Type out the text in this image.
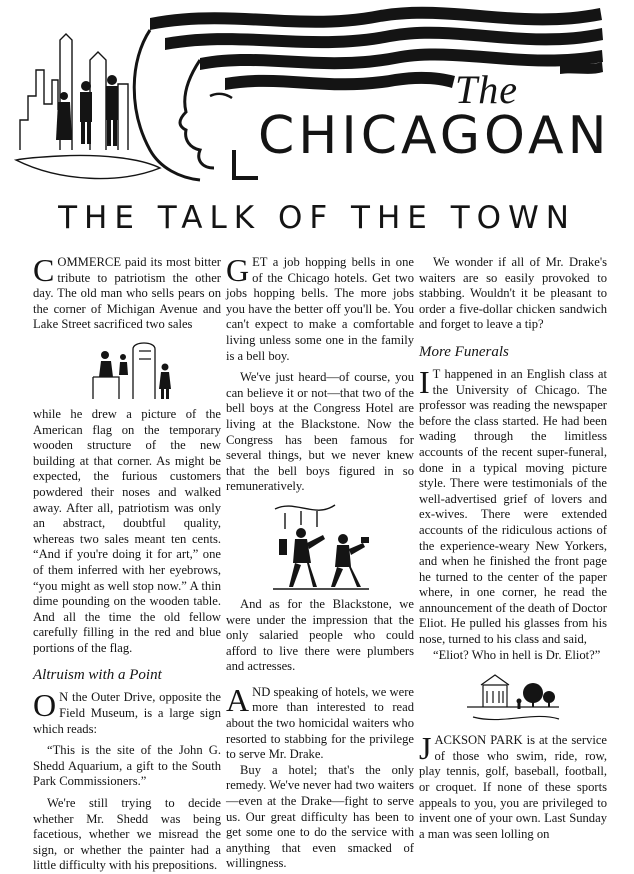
The
CHICAGOAN
THE TALK OF THE TOWN

COMMERCE paid its most bitter tribute to patriotism the other day. The old man who sells pears on the corner of Michigan Avenue and Lake Street sacrificed two sales

while he drew a picture of the American flag on the temporary wooden structure of the new building at that corner. As might be expected, the furious customers powdered their noses and walked away. After all, patriotism was only an abstract, doubtful quality, whereas two sales meant ten cents. “And if you're doing it for art,” one of them inferred with her eyebrows, “you might as well stop now.” A thin dime pounding on the wooden table. And all the time the old fellow carefully filling in the red and blue portions of the flag.

Altruism with a Point

O N the Outer Drive, opposite the Field Museum, is a large sign which reads:

“This is the site of the John G. Shedd Aquarium, a gift to the South Park Commissioners.”

We're still trying to decide whether Mr. Shedd was being facetious, whether we misread the sign, or whether the painter had a little difficulty with his prepositions.

GET a job hopping bells in one of the Chicago hotels. Get two jobs hopping bells. The more jobs you have the better off you'll be. You can't expect to make a comfortable living unless some one in the family is a bell boy.

We've just heard—of course, you can believe it or not—that two of the bell boys at the Congress Hotel are living at the Blackstone. Now the Congress has been famous for several things, but we never knew that the bell boys figured in so remuneratively.

And as for the Blackstone, we were under the impression that the only salaried people who could afford to live there were plumbers and actresses.

AND speaking of hotels, we were more than interested to read about the two homicidal waiters who resorted to stabbing for the privilege to serve Mr. Drake.

Buy a hotel; that's the only remedy. We've never had two waiters—even at the Drake—fight to serve us. Our great difficulty has been to get some one to do the service with anything that even smacked of willingness.

We wonder if all of Mr. Drake's waiters are so easily provoked to stabbing. Wouldn't it be pleasant to order a five-dollar chicken sandwich and forget to leave a tip?

More Funerals

I T happened in an English class at the University of Chicago. The professor was reading the newspaper before the class started. He had been wading through the limitless accounts of the recent super-funeral, done in a typical moving picture style. There were testimonials of the well-advertised grief of lovers and ex-wives. There were extended accounts of the ridiculous actions of the experience-weary New Yorkers, and when he finished the front page he turned to the center of the paper where, in one corner, he read the announcement of the death of Doctor Eliot. He pulled his glasses from his nose, turned to his class and said,

“Eliot? Who in hell is Dr. Eliot?”

JACKSON PARK is at the service of those who swim, ride, row, play tennis, golf, baseball, football, or croquet. If none of these sports appeals to you, you are privileged to invent one of your own. Last Sunday a man was seen lolling on
